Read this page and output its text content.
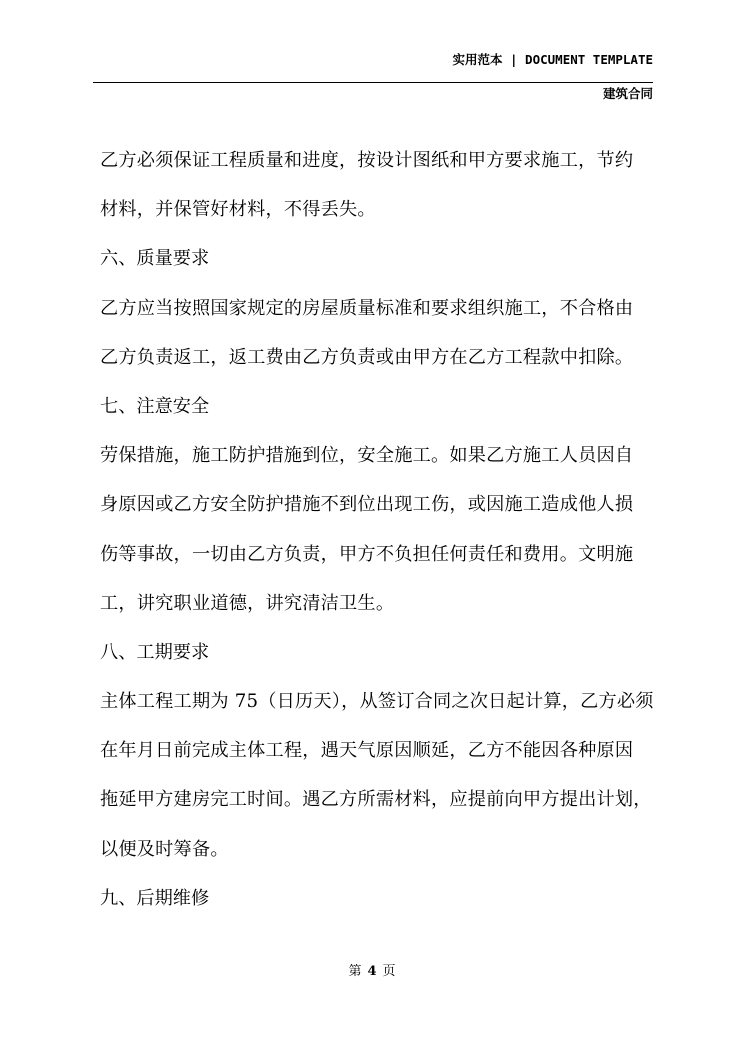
实用范本 | DOCUMENT TEMPLATE
建筑合同
乙方必须保证工程质量和进度，按设计图纸和甲方要求施工，节约
材料，并保管好材料，不得丢失。
六、质量要求
乙方应当按照国家规定的房屋质量标准和要求组织施工，不合格由
乙方负责返工，返工费由乙方负责或由甲方在乙方工程款中扣除。
七、注意安全
劳保措施，施工防护措施到位，安全施工。如果乙方施工人员因自
身原因或乙方安全防护措施不到位出现工伤，或因施工造成他人损
伤等事故，一切由乙方负责，甲方不负担任何责任和费用。文明施
工，讲究职业道德，讲究清洁卫生。
八、工期要求
主体工程工期为 75（日历天），从签订合同之次日起计算，乙方必须
在年月日前完成主体工程，遇天气原因顺延，乙方不能因各种原因
拖延甲方建房完工时间。遇乙方所需材料，应提前向甲方提出计划，
以便及时筹备。
九、后期维修
第 4 页
